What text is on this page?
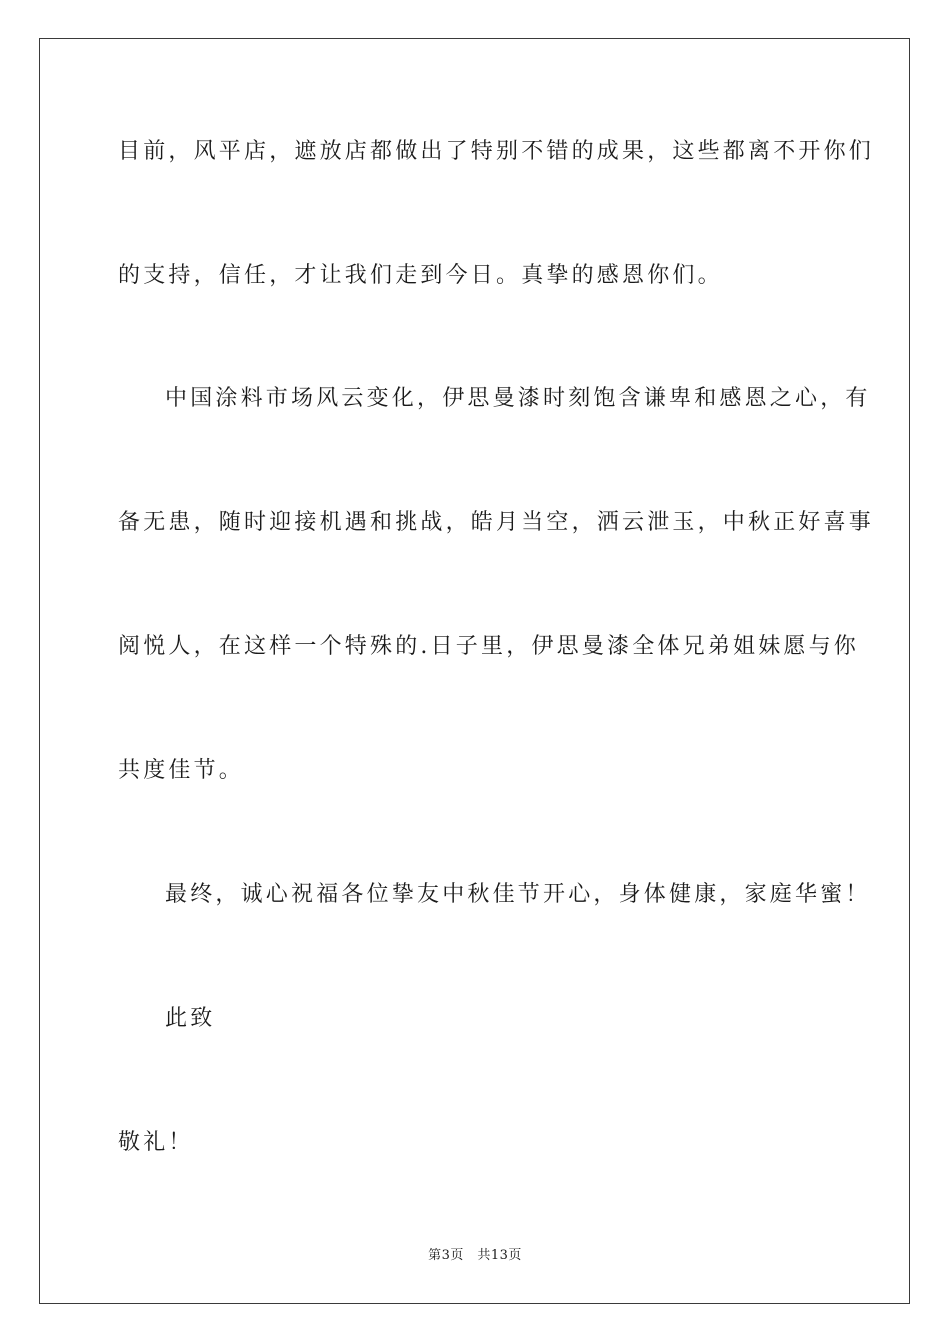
目前，风平店，遮放店都做出了特别不错的成果，这些都离不开你们
的支持，信任，才让我们走到今日。真挚的感恩你们。
中国涂料市场风云变化，伊思曼漆时刻饱含谦卑和感恩之心，有
备无患，随时迎接机遇和挑战，皓月当空，洒云泄玉，中秋正好喜事
阅悦人，在这样一个特殊的.日子里，伊思曼漆全体兄弟姐妹愿与你
共度佳节。
最终，诚心祝福各位挚友中秋佳节开心，身体健康，家庭华蜜！
此致
敬礼！
第3页　共13页
